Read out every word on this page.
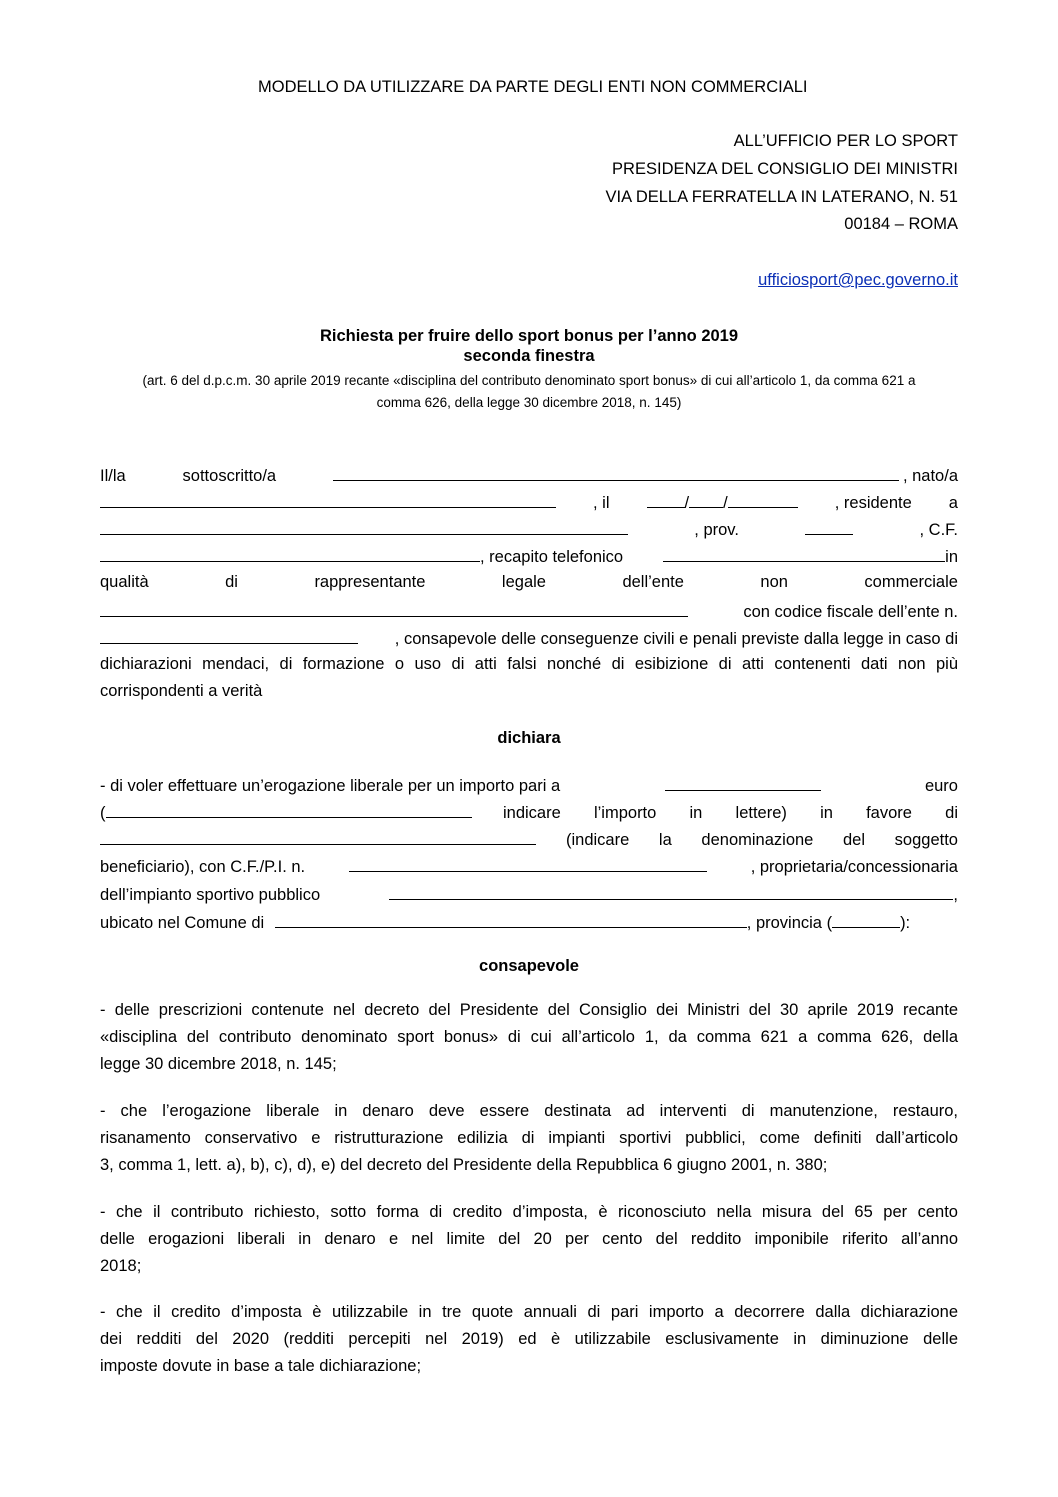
MODELLO DA UTILIZZARE DA PARTE DEGLI ENTI NON COMMERCIALI
ALL’UFFICIO PER LO SPORT
PRESIDENZA DEL CONSIGLIO DEI MINISTRI
VIA DELLA FERRATELLA IN LATERANO, N. 51
00184 – ROMA
ufficiosport@pec.governo.it
Richiesta per fruire dello sport bonus per l’anno 2019
seconda finestra
(art. 6 del d.p.c.m. 30 aprile 2019 recante «disciplina del contributo denominato sport bonus» di cui all’articolo 1, da comma 621 a
comma 626, della legge 30 dicembre 2018, n. 145)
Il/la	sottoscritto/a	, nato/a
, il	/ /	, residente a
, prov.	, C.F.
, recapito telefonico	in
qualità	di	rappresentante	legale	dell’ente	non	commerciale
con codice fiscale dell’ente n.
, consapevole delle conseguenze civili e penali previste dalla legge in caso di
dichiarazioni mendaci, di formazione o uso di atti falsi nonché di esibizione di atti contenenti dati non più
corrispondenti a verità
dichiara
- di voler effettuare un’erogazione liberale per un importo pari a	euro
(	indicare l’importo in lettere) in favore di
(indicare la denominazione del soggetto
beneficiario), con C.F./P.I. n.	, proprietaria/concessionaria
dell’impianto sportivo pubblico	,
ubicato nel Comune di	, provincia (	):
consapevole
- delle prescrizioni contenute nel decreto del Presidente del Consiglio dei Ministri del 30 aprile 2019 recante
«disciplina del contributo denominato sport bonus» di cui all’articolo 1, da comma 621 a comma 626, della
legge 30 dicembre 2018, n. 145;
- che l’erogazione liberale in denaro deve essere destinata ad interventi di manutenzione, restauro,
risanamento conservativo e ristrutturazione edilizia di impianti sportivi pubblici, come definiti dall’articolo
3, comma 1, lett. a), b), c), d), e) del decreto del Presidente della Repubblica 6 giugno 2001, n. 380;
- che il contributo richiesto, sotto forma di credito d’imposta, è riconosciuto nella misura del 65 per cento
delle erogazioni liberali in denaro e nel limite del 20 per cento del reddito imponibile riferito all’anno
2018;
- che il credito d’imposta è utilizzabile in tre quote annuali di pari importo a decorrere dalla dichiarazione
dei redditi del 2020 (redditi percepiti nel 2019) ed è utilizzabile esclusivamente in diminuzione delle
imposte dovute in base a tale dichiarazione;
